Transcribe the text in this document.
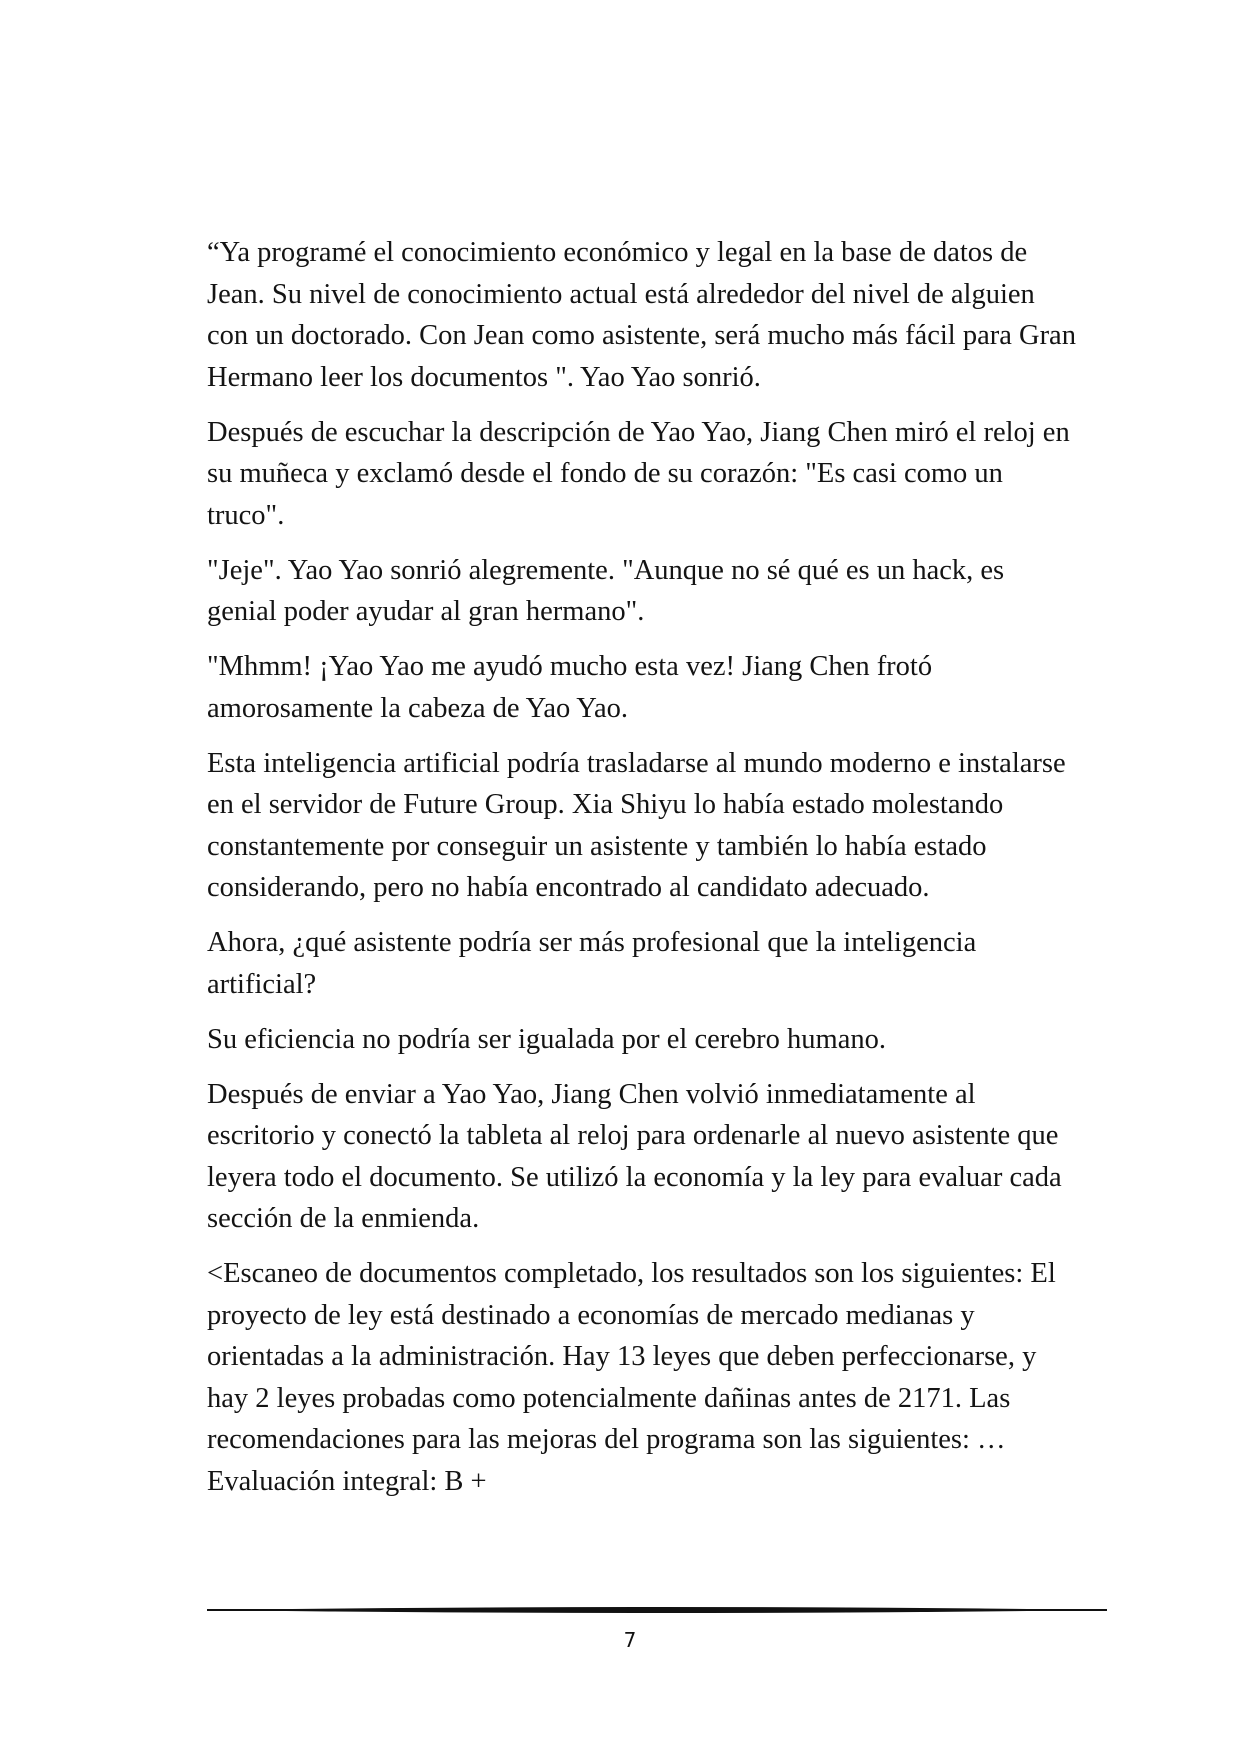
“Ya programé el conocimiento económico y legal en la base de datos de Jean. Su nivel de conocimiento actual está alrededor del nivel de alguien con un doctorado. Con Jean como asistente, será mucho más fácil para Gran Hermano leer los documentos ". Yao Yao sonrió.

Después de escuchar la descripción de Yao Yao, Jiang Chen miró el reloj en su muñeca y exclamó desde el fondo de su corazón: "Es casi como un truco".

"Jeje". Yao Yao sonrió alegremente. "Aunque no sé qué es un hack, es genial poder ayudar al gran hermano".

"Mhmm! ¡Yao Yao me ayudó mucho esta vez! Jiang Chen frotó amorosamente la cabeza de Yao Yao.

Esta inteligencia artificial podría trasladarse al mundo moderno e instalarse en el servidor de Future Group. Xia Shiyu lo había estado molestando constantemente por conseguir un asistente y también lo había estado considerando, pero no había encontrado al candidato adecuado.

Ahora, ¿qué asistente podría ser más profesional que la inteligencia artificial?

Su eficiencia no podría ser igualada por el cerebro humano.

Después de enviar a Yao Yao, Jiang Chen volvió inmediatamente al escritorio y conectó la tableta al reloj para ordenarle al nuevo asistente que leyera todo el documento. Se utilizó la economía y la ley para evaluar cada sección de la enmienda.

<Escaneo de documentos completado, los resultados son los siguientes: El proyecto de ley está destinado a economías de mercado medianas y orientadas a la administración. Hay 13 leyes que deben perfeccionarse, y hay 2 leyes probadas como potencialmente dañinas antes de 2171. Las recomendaciones para las mejoras del programa son las siguientes: … Evaluación integral: B +

7
